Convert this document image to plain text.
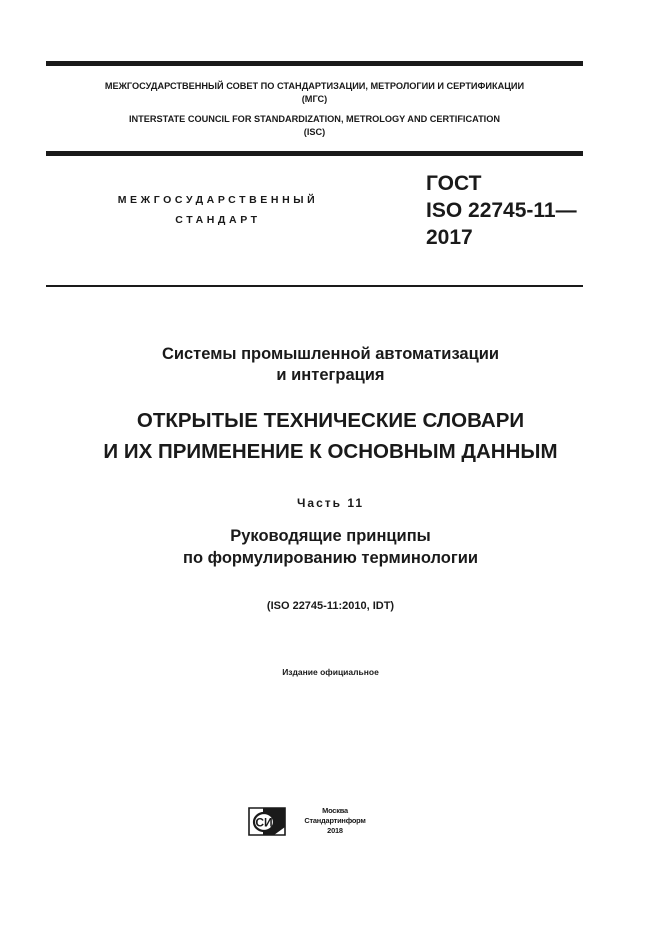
МЕЖГОСУДАРСТВЕННЫЙ СОВЕТ ПО СТАНДАРТИЗАЦИИ, МЕТРОЛОГИИ И СЕРТИФИКАЦИИ
(МГС)
INTERSTATE COUNCIL FOR STANDARDIZATION, METROLOGY AND CERTIFICATION
(ISC)
МЕЖГОСУДАРСТВЕННЫЙ
СТАНДАРТ
ГОСТ
ISO 22745-11—
2017
Системы промышленной автоматизации
и интеграция
ОТКРЫТЫЕ ТЕХНИЧЕСКИЕ СЛОВАРИ
И ИХ ПРИМЕНЕНИЕ К ОСНОВНЫМ ДАННЫМ
Часть 11
Руководящие принципы
по формулированию терминологии
(ISO 22745-11:2010, IDT)
Издание официальное
СИ
Москва
Стандартинформ
2018
